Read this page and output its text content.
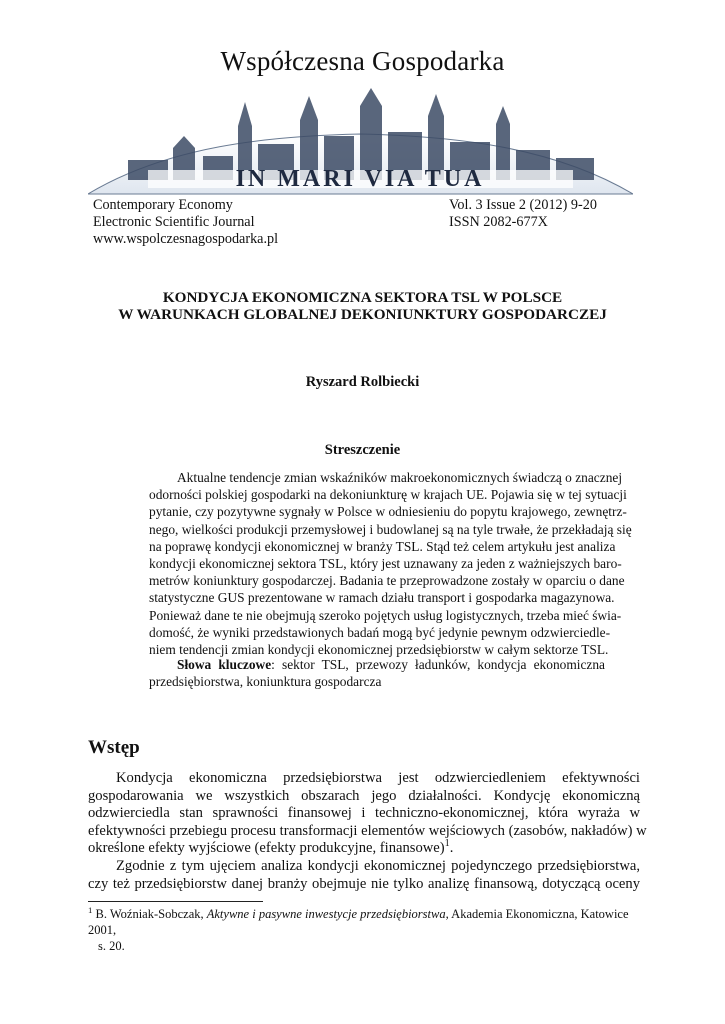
Współczesna Gospodarka
IN MARI VIA TUA
Contemporary Economy
Electronic Scientific Journal
www.wspolczesnagospodarka.pl
Vol. 3 Issue 2 (2012) 9-20
ISSN 2082-677X
KONDYCJA EKONOMICZNA SEKTORA TSL W POLSCE
W WARUNKACH GLOBALNEJ DEKONIUNKTURY GOSPODARCZEJ
Ryszard Rolbiecki
Streszczenie
Aktualne tendencje zmian wskaźników makroekonomicznych świadczą o znacznej
odorności polskiej gospodarki na dekoniunkturę w krajach UE. Pojawia się w tej sytuacji
pytanie, czy pozytywne sygnały w Polsce w odniesieniu do popytu krajowego, zewnętrz-
nego, wielkości produkcji przemysłowej i budowlanej są na tyle trwałe, że przekładają się
na poprawę kondycji ekonomicznej w branży TSL. Stąd też celem artykułu jest analiza
kondycji ekonomicznej sektora TSL, który jest uznawany za jeden z ważniejszych baro-
metrów koniunktury gospodarczej. Badania te przeprowadzone zostały w oparciu o dane
statystyczne GUS prezentowane w ramach działu transport i gospodarka magazynowa.
Ponieważ dane te nie obejmują szeroko pojętych usług logistycznych, trzeba mieć świa-
domość, że wyniki przedstawionych badań mogą być jedynie pewnym odzwierciedle-
niem tendencji zmian kondycji ekonomicznej przedsiębiorstw w całym sektorze TSL.
Słowa kluczowe: sektor TSL, przewozy ładunków, kondycja ekonomiczna
przedsiębiorstwa, koniunktura gospodarcza
Wstęp
Kondycja ekonomiczna przedsiębiorstwa jest odzwierciedleniem efektywności
gospodarowania we wszystkich obszarach jego działalności. Kondycję ekonomiczną
odzwierciedla stan sprawności finansowej i techniczno-ekonomicznej, która wyraża w
efektywności przebiegu procesu transformacji elementów wejściowych (zasobów, nakładów) w
określone efekty wyjściowe (efekty produkcyjne, finansowe)$^1$.
Zgodnie z tym ujęciem analiza kondycji ekonomicznej pojedynczego przedsiębiorstwa,
czy też przedsiębiorstw danej branży obejmuje nie tylko analizę finansową, dotyczącą oceny
$^1$ B. Woźniak-Sobczak, Aktywne i pasywne inwestycje przedsiębiorstwa, Akademia Ekonomiczna, Katowice 2001,
s. 20.
